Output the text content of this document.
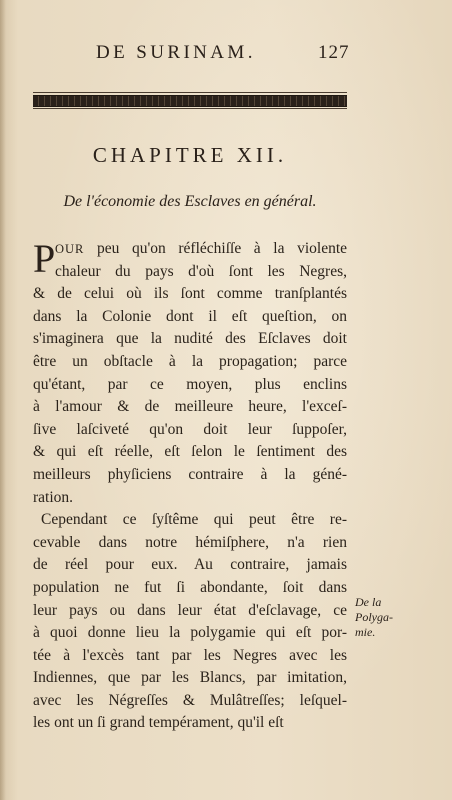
DE SURINAM.	127
CHAPITRE XII.
De l'économie des Esclaves en général.
P OUR peu qu'on réfléchiſſe à la violente
chaleur du pays d'où ſont les Negres,
& de celui où ils ſont comme tranſplantés
dans la Colonie dont il eſt queſtion, on
s'imaginera que la nudité des Eſclaves doit
être un obſtacle à la propagation; parce
qu'étant, par ce moyen, plus enclins
à l'amour & de meilleure heure, l'exceſ-
ſive laſciveté qu'on doit leur ſuppoſer,
& qui eſt réelle, eſt ſelon le ſentiment des
meilleurs phyſiciens contraire à la géné-
ration.
Cependant ce ſyſtême qui peut être re-
cevable dans notre hémiſphere, n'a rien
de réel pour eux. Au contraire, jamais
population ne fut ſi abondante, ſoit dans
leur pays ou dans leur état d'eſclavage, ce
à quoi donne lieu la polygamie qui eſt por-
tée à l'excès tant par les Negres avec les
Indiennes, que par les Blancs, par imitation,
avec les Négreſſes & Mulâtreſſes; leſquel-
les ont un ſi grand tempérament, qu'il eſt
De la
Polyga-
mie.
